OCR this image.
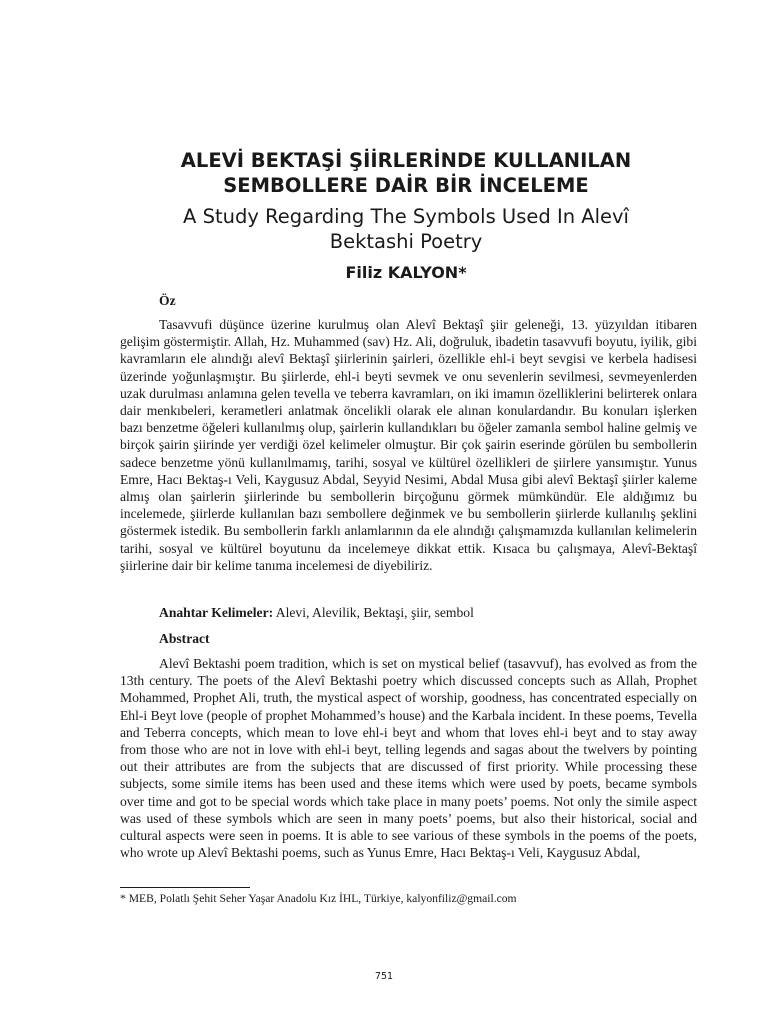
ALEVİ BEKTAŞİ ŞİİRLERİNDE KULLANILAN
SEMBOLLERE DAİR BİR İNCELEME
A Study Regarding The Symbols Used In Alevî
Bektashi Poetry

Filiz KALYON*

Öz

Tasavvufi düşünce üzerine kurulmuş olan Alevî Bektaşî şiir geleneği, 13. yüzyıldan itibaren gelişim göstermiştir. Allah, Hz. Muhammed (sav) Hz. Ali, doğruluk, ibadetin tasavvufi boyutu, iyilik, gibi kavramların ele alındığı alevî Bektaşî şiirlerinin şairleri, özellikle ehl-i beyt sevgisi ve kerbela hadisesi üzerinde yoğunlaşmıştır. Bu şiirlerde, ehl-i beyti sevmek ve onu sevenlerin sevilmesi, sevmeyenlerden uzak durulması anlamına gelen tevella ve teberra kavramları, on iki imamın özelliklerini belirterek onlara dair menkıbeleri, kerametleri anlatmak öncelikli olarak ele alınan konulardandır. Bu konuları işlerken bazı benzetme öğeleri kullanılmış olup, şairlerin kullandıkları bu öğeler zamanla sembol haline gelmiş ve birçok şairin şiirinde yer verdiği özel kelimeler olmuştur. Bir çok şairin eserinde görülen bu sembollerin sadece benzetme yönü kullanılmamış, tarihi, sosyal ve kültürel özellikleri de şiirlere yansımıştır. Yunus Emre, Hacı Bektaş-ı Veli, Kaygusuz Abdal, Seyyid Nesimi, Abdal Musa gibi alevî Bektaşî şiirler kaleme almış olan şairlerin şiirlerinde bu sembollerin birçoğunu görmek mümkündür. Ele aldığımız bu incelemede, şiirlerde kullanılan bazı sembollere değinmek ve bu sembollerin şiirlerde kullanılış şeklini göstermek istedik. Bu sembollerin farklı anlamlarının da ele alındığı çalışmamızda kullanılan kelimelerin tarihi, sosyal ve kültürel boyutunu da incelemeye dikkat ettik. Kısaca bu çalışmaya, Alevî-Bektaşî şiirlerine dair bir kelime tanıma incelemesi de diyebiliriz.

Anahtar Kelimeler: Alevi, Alevilik, Bektaşi, şiir, sembol

Abstract

Alevî Bektashi poem tradition, which is set on mystical belief (tasavvuf), has evolved as from the 13th century. The poets of the Alevî Bektashi poetry which discussed concepts such as Allah, Prophet Mohammed, Prophet Ali, truth, the mystical aspect of worship, goodness, has concentrated especially on Ehl-i Beyt love (people of prophet Mohammed’s house) and the Karbala incident. In these poems, Tevella and Teberra concepts, which mean to love ehl-i beyt and whom that loves ehl-i beyt and to stay away from those who are not in love with ehl-i beyt, telling legends and sagas about the twelvers by pointing out their attributes are from the subjects that are discussed of first priority. While processing these subjects, some simile items has been used and these items which were used by poets, became symbols over time and got to be special words which take place in many poets’ poems. Not only the simile aspect was used of these symbols which are seen in many poets’ poems, but also their historical, social and cultural aspects were seen in poems. It is able to see various of these symbols in the poems of the poets, who wrote up Alevî Bektashi poems, such as Yunus Emre, Hacı Bektaş-ı Veli, Kaygusuz Abdal,

* MEB, Polatlı Şehit Seher Yaşar Anadolu Kız İHL, Türkiye, kalyonfiliz@gmail.com

751
